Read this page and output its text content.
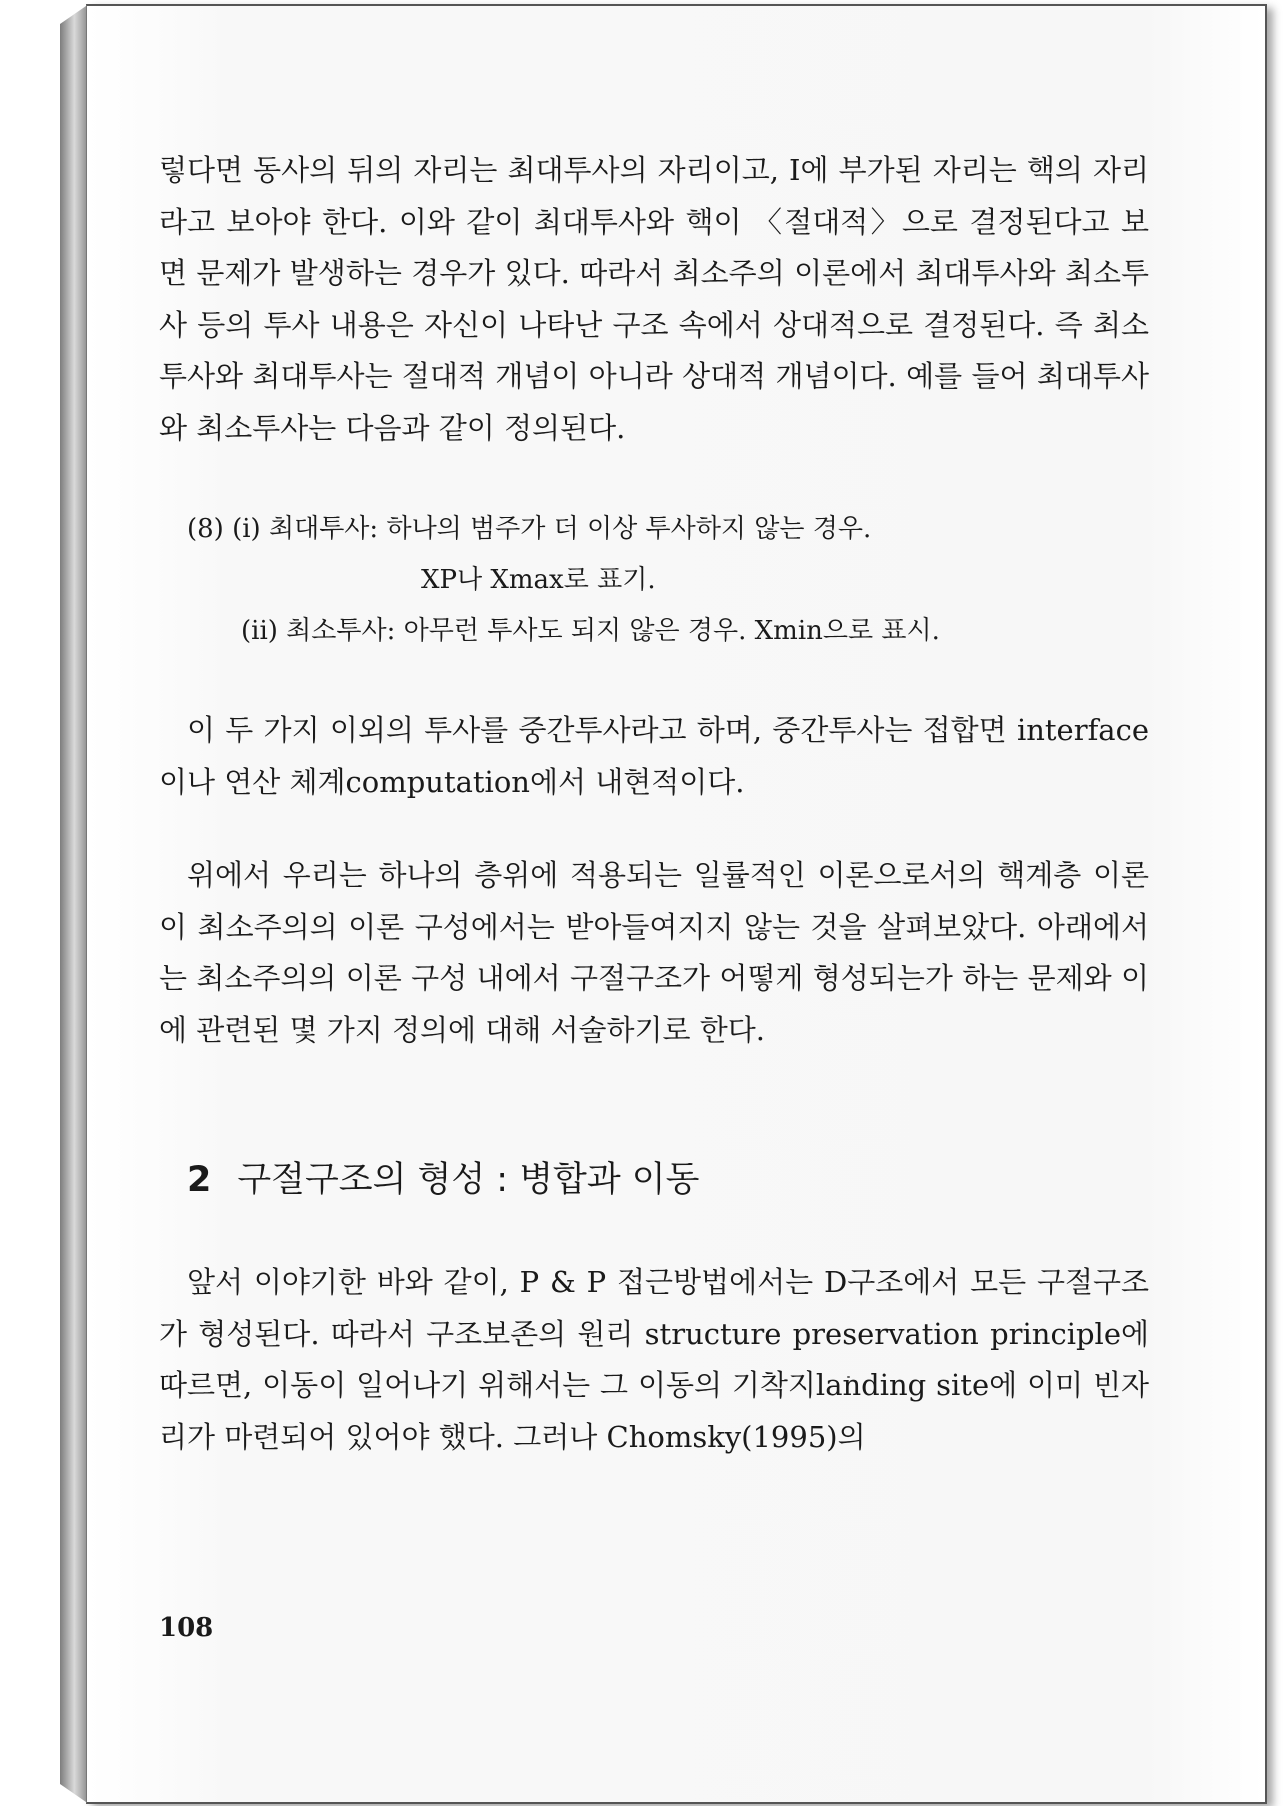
렇다면 동사의 뒤의 자리는 최대투사의 자리이고, I에 부가된 자리는 핵의 자리라고 보아야 한다. 이와 같이 최대투사와 핵이 〈절대적〉으로 결정된다고 보면 문제가 발생하는 경우가 있다. 따라서 최소주의 이론에서 최대투사와 최소투사 등의 투사 내용은 자신이 나타난 구조 속에서 상대적으로 결정된다. 즉 최소투사와 최대투사는 절대적 개념이 아니라 상대적 개념이다. 예를 들어 최대투사와 최소투사는 다음과 같이 정의된다.

(8) (i) 최대투사: 하나의 범주가 더 이상 투사하지 않는 경우.
XP나 Xmax로 표기.
(ii) 최소투사: 아무런 투사도 되지 않은 경우. Xmin으로 표시.

이 두 가지 이외의 투사를 중간투사라고 하며, 중간투사는 접합면 interface이나 연산 체계computation에서 내현적이다.

위에서 우리는 하나의 층위에 적용되는 일률적인 이론으로서의 핵계층 이론이 최소주의의 이론 구성에서는 받아들여지지 않는 것을 살펴보았다. 아래에서는 최소주의의 이론 구성 내에서 구절구조가 어떻게 형성되는가 하는 문제와 이에 관련된 몇 가지 정의에 대해 서술하기로 한다.

2 구절구조의 형성 : 병합과 이동

앞서 이야기한 바와 같이, P & P 접근방법에서는 D구조에서 모든 구절구조가 형성된다. 따라서 구조보존의 원리 structure preservation principle에 따르면, 이동이 일어나기 위해서는 그 이동의 기착지landing site에 이미 빈자리가 마련되어 있어야 했다. 그러나 Chomsky(1995)의

108
